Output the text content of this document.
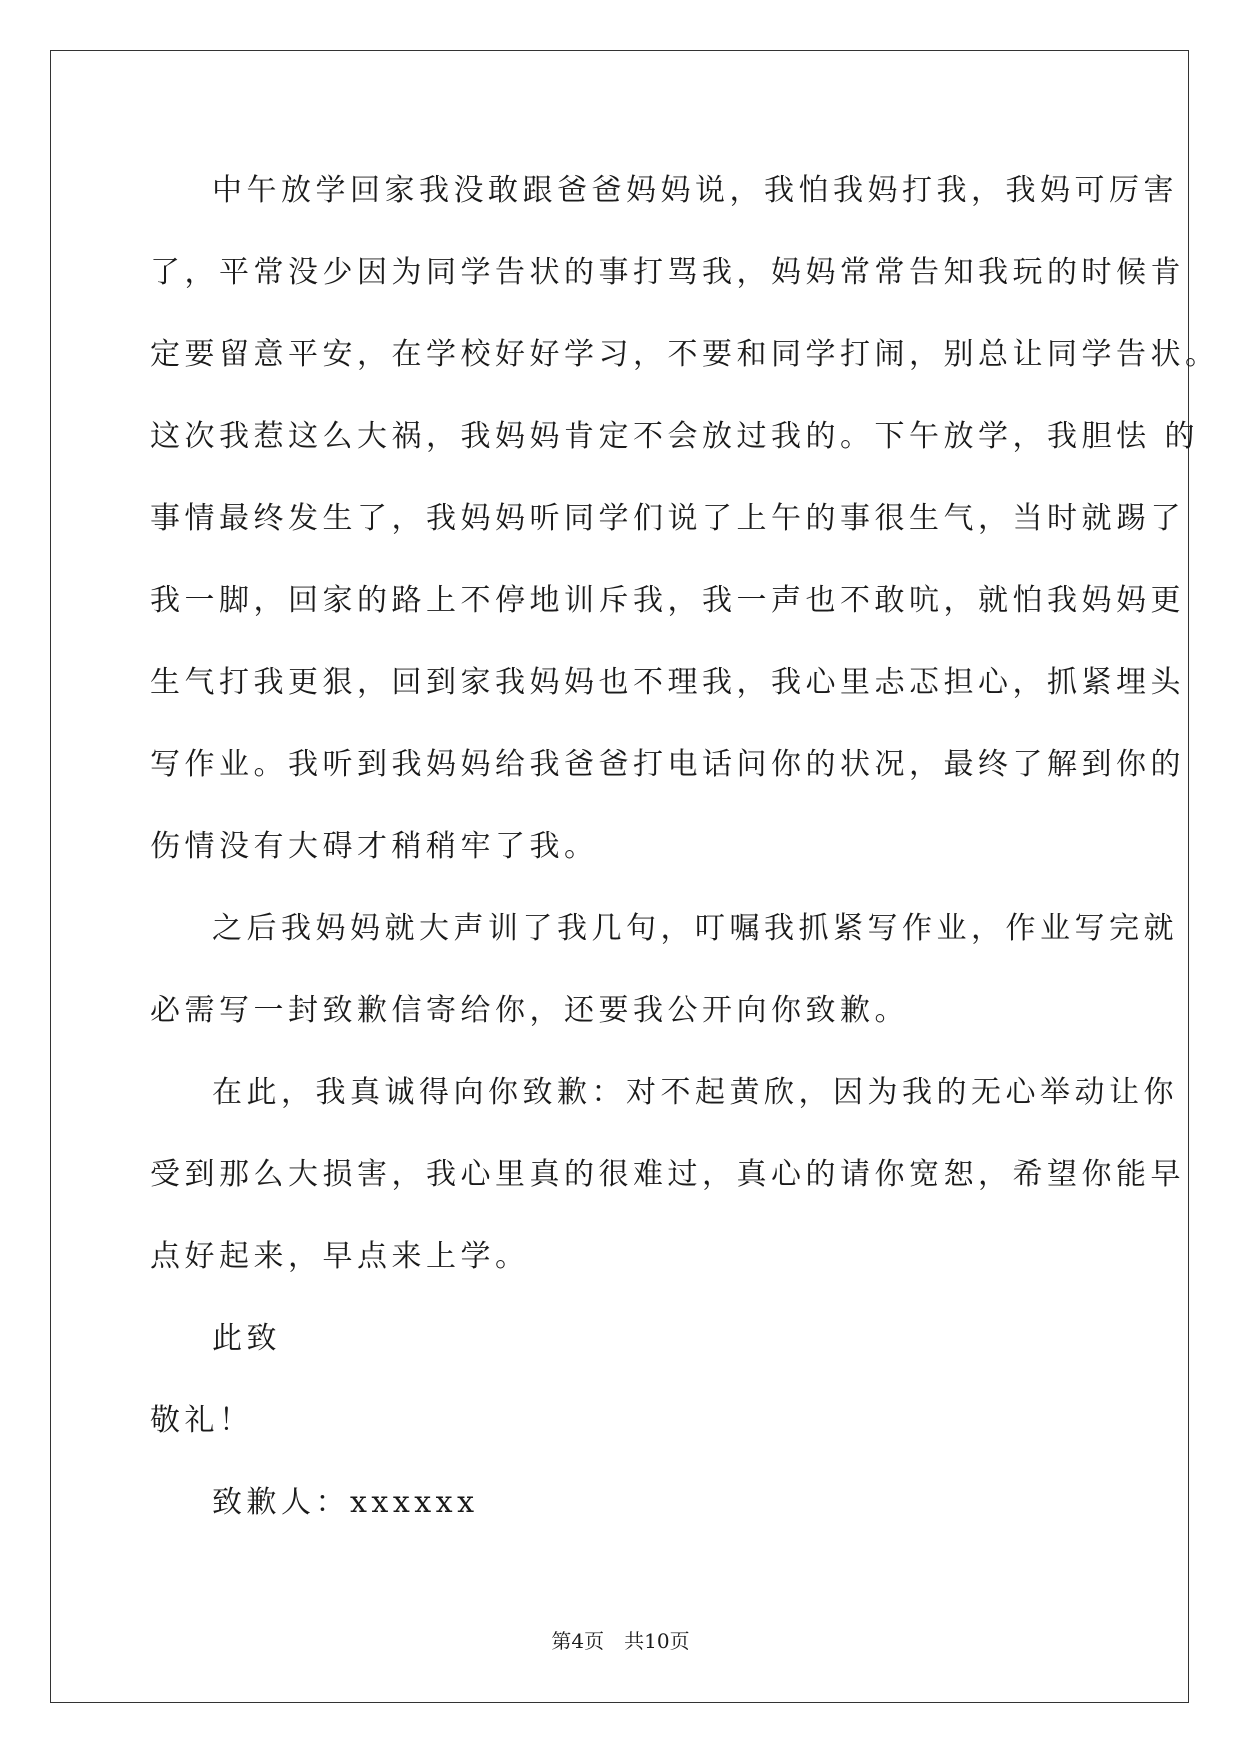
中午放学回家我没敢跟爸爸妈妈说，我怕我妈打我，我妈可厉害
了，平常没少因为同学告状的事打骂我，妈妈常常告知我玩的时候肯
定要留意平安，在学校好好学习，不要和同学打闹，别总让同学告状。
这次我惹这么大祸，我妈妈肯定不会放过我的。下午放学，我胆怯 的
事情最终发生了，我妈妈听同学们说了上午的事很生气，当时就踢了
我一脚，回家的路上不停地训斥我，我一声也不敢吭，就怕我妈妈更
生气打我更狠，回到家我妈妈也不理我，我心里忐忑担心，抓紧埋头
写作业。我听到我妈妈给我爸爸打电话问你的状况，最终了解到你的
伤情没有大碍才稍稍牢了我。
之后我妈妈就大声训了我几句，叮嘱我抓紧写作业，作业写完就
必需写一封致歉信寄给你，还要我公开向你致歉。
在此，我真诚得向你致歉：对不起黄欣，因为我的无心举动让你
受到那么大损害，我心里真的很难过，真心的请你宽恕，希望你能早
点好起来，早点来上学。
此致
敬礼！
致歉人：xxxxxx
第4页 共10页
